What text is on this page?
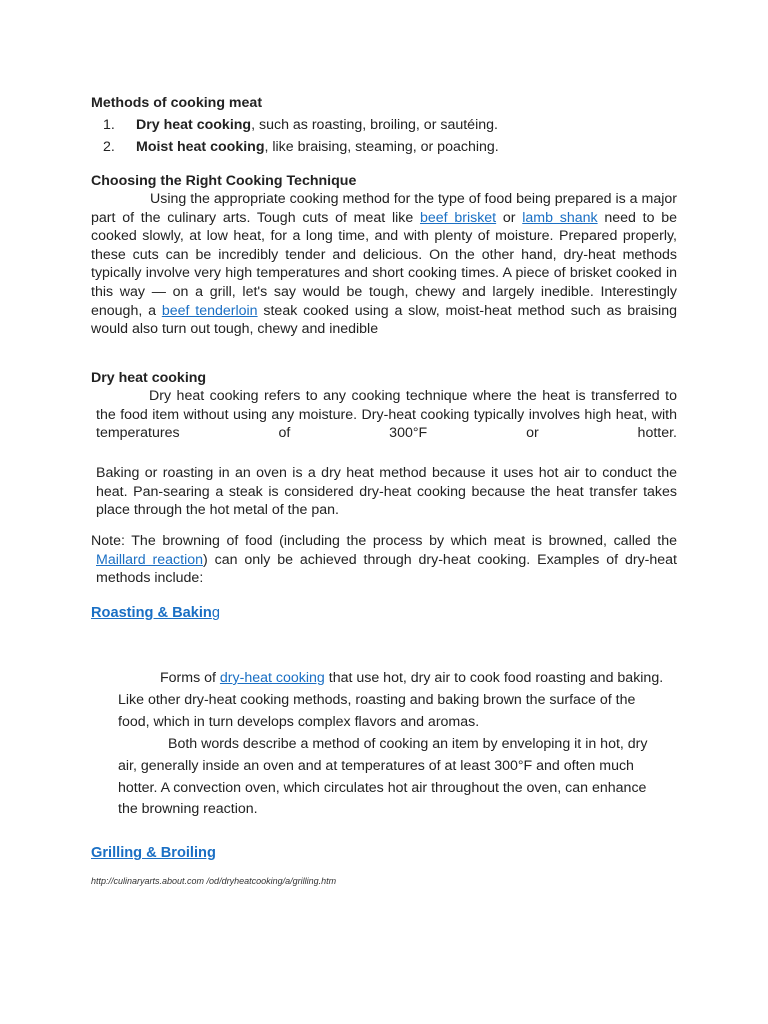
Methods of cooking meat
1.	Dry heat cooking, such as roasting, broiling, or sautéing.
2.	Moist heat cooking, like braising, steaming, or poaching.
Choosing the Right Cooking Technique

Using the appropriate cooking method for the type of food being prepared is a major part of the culinary arts. Tough cuts of meat like beef brisket or lamb shank need to be cooked slowly, at low heat, for a long time, and with plenty of moisture. Prepared properly, these cuts can be incredibly tender and delicious. On the other hand, dry-heat methods typically involve very high temperatures and short cooking times. A piece of brisket cooked in this way — on a grill, let's say would be tough, chewy and largely inedible. Interestingly enough, a beef tenderloin steak cooked using a slow, moist-heat method such as braising would also turn out tough, chewy and inedible

Dry heat cooking

Dry heat cooking refers to any cooking technique where the heat is transferred to the food item without using any moisture. Dry-heat cooking typically involves high heat, with temperatures of 300°F or hotter.

Baking or roasting in an oven is a dry heat method because it uses hot air to conduct the heat. Pan-searing a steak is considered dry-heat cooking because the heat transfer takes place through the hot metal of the pan.

Note: The browning of food (including the process by which meat is browned, called the Maillard reaction) can only be achieved through dry-heat cooking. Examples of dry-heat methods include:

Roasting & Baking

Forms of dry-heat cooking that use hot, dry air to cook food roasting and baking. Like other dry-heat cooking methods, roasting and baking brown the surface of the food, which in turn develops complex flavors and aromas.

Both words describe a method of cooking an item by enveloping it in hot, dry air, generally inside an oven and at temperatures of at least 300°F and often much hotter. A convection oven, which circulates hot air throughout the oven, can enhance the browning reaction.

Grilling & Broiling
http://culinaryarts.about.com /od/dryheatcooking/a/grilling.htm
